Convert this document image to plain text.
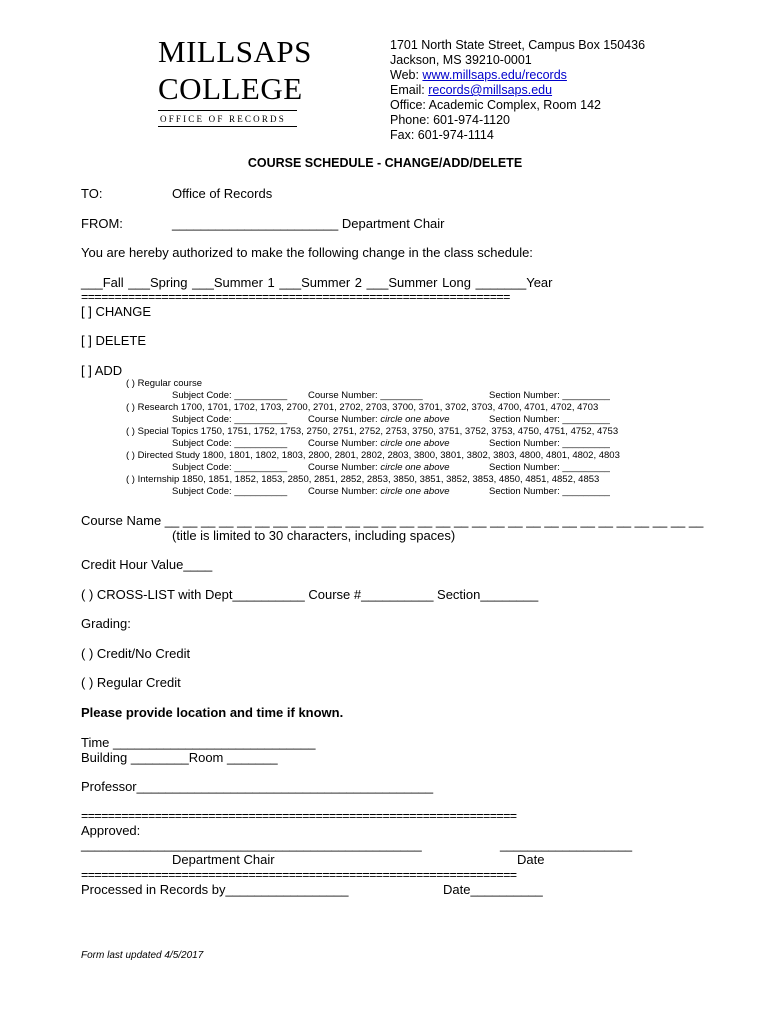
MILLSAPS
COLLEGE
OFFICE OF RECORDS
1701 North State Street, Campus Box 150436
Jackson, MS 39210-0001
Web: www.millsaps.edu/records
Email: records@millsaps.edu
Office: Academic Complex, Room 142
Phone: 601-974-1120
Fax: 601-974-1114
COURSE SCHEDULE - CHANGE/ADD/DELETE
TO:	Office of Records
FROM:	_______________________ Department Chair
You are hereby authorized to make the following change in the class schedule:
___Fall ___Spring ___Summer 1 ___Summer 2 ___Summer Long _______Year
================================================================
[ ] CHANGE
[ ] DELETE
[ ] ADD
( ) Regular course
Subject Code: __________ Course Number: ________	Section Number: _________
( ) Research 1700, 1701, 1702, 1703, 2700, 2701, 2702, 2703, 3700, 3701, 3702, 3703, 4700, 4701, 4702, 4703
Subject Code: __________ Course Number: circle one above	Section Number: _________
( ) Special Topics 1750, 1751, 1752, 1753, 2750, 2751, 2752, 2753, 3750, 3751, 3752, 3753, 4750, 4751, 4752, 4753
Subject Code: __________ Course Number: circle one above	Section Number: _________
( ) Directed Study 1800, 1801, 1802, 1803, 2800, 2801, 2802, 2803, 3800, 3801, 3802, 3803, 4800, 4801, 4802, 4803
Subject Code: __________ Course Number: circle one above	Section Number: _________
( ) Internship 1850, 1851, 1852, 1853, 2850, 2851, 2852, 2853, 3850, 3851, 3852, 3853, 4850, 4851, 4852, 4853
Subject Code: __________ Course Number: circle one above	Section Number: _________
Course Name __ __ __ __ __ __ __ __ __ __ __ __ __ __ __ __ __ __ __ __ __ __ __ __ __ __ __ __ __ __
(title is limited to 30 characters, including spaces)
Credit Hour Value____
( ) CROSS-LIST with Dept__________ Course #__________ Section________
Grading:
( ) Credit/No Credit
( ) Regular Credit
Please provide location and time if known.
Time ____________________________
Building ________Room _______
Professor_________________________________________
=================================================================
Approved:
_________________________________________________	___________________
Department Chair	Date
=================================================================
Processed in Records by_________________	Date__________
Form last updated 4/5/2017
